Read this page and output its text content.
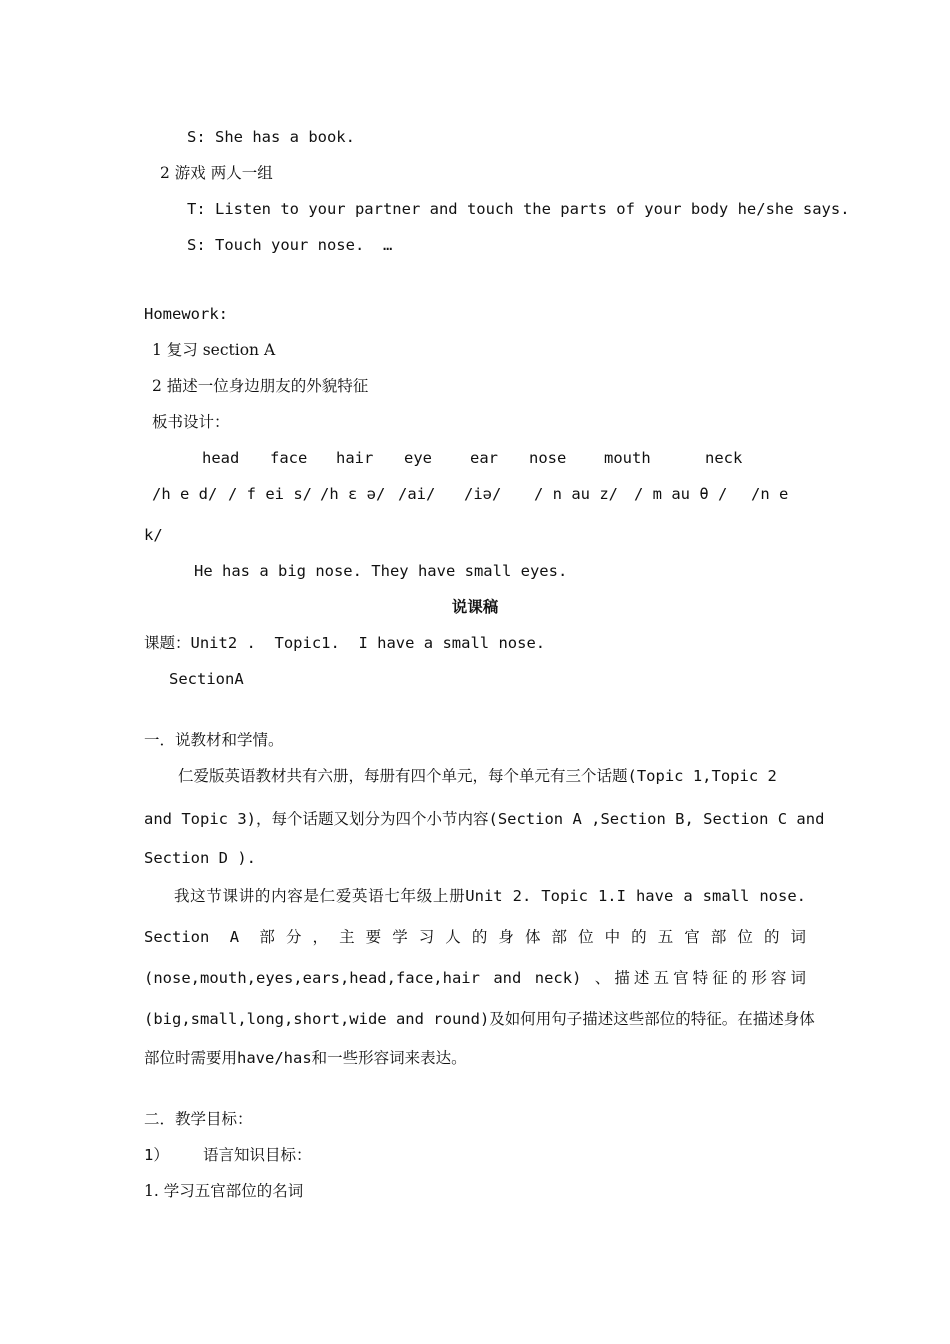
S: She has a book.
2 游戏 两人一组
T: Listen to your partner and touch the parts of your body he/she says.
S: Touch your nose.  …
Homework:
1 复习 section A
2 描述一位身边朋友的外貌特征
板书设计：
head face hair eye ear nose mouth	neck
/h e d/ / f ei s/ /h ɛ ə/ /ai/ /iə/ / n au z/ / m au θ / /n e
k/
He has a big nose. They have small eyes.
说课稿
课题：Unit2 .  Topic1.  I have a small nose.
SectionA
一．说教材和学情。
仁爱版英语教材共有六册，每册有四个单元，每个单元有三个话题(Topic 1,Topic 2
and Topic 3)，每个话题又划分为四个小节内容(Section A ,Section B, Section C and
Section D ).
我这节课讲的内容是仁爱英语七年级上册Unit 2. Topic 1.I have a small nose.
Section A 部分，主要学习人的身体部位中的五官部位的词
(nose,mouth,eyes,ears,head,face,hair and neck) 、描述五官特征的形容词
(big,small,long,short,wide and round)及如何用句子描述这些部位的特征。在描述身体
部位时需要用have/has和一些形容词来表达。
二．教学目标：
1） 语言知识目标：
1. 学习五官部位的名词
